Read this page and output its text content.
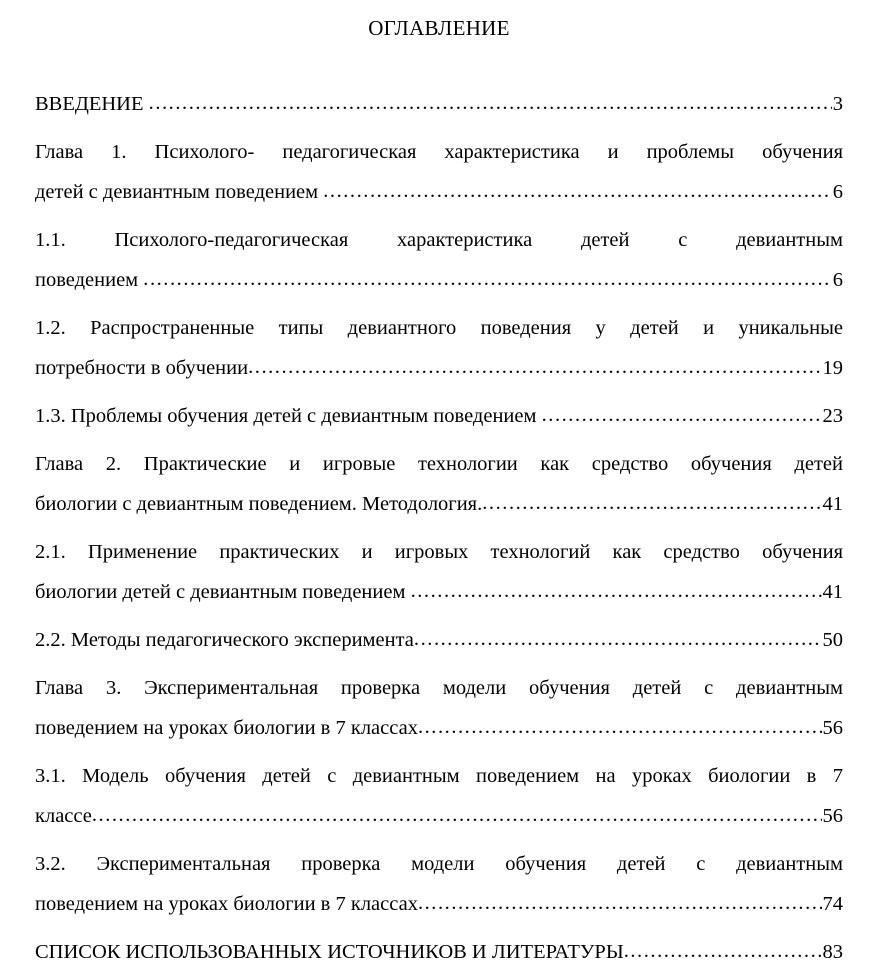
ОГЛАВЛЕНИЕ
ВВЕДЕНИЕ .....	3
Глава 1. Психолого- педагогическая характеристика и проблемы обучения
детей с девиантным поведением .....	6
1.1. Психолого-педагогическая характеристика детей с девиантным
поведением .....	6
1.2. Распространенные типы девиантного поведения у детей и уникальные
потребности в обучении .....	19
1.3. Проблемы обучения детей с девиантным поведением .....	23
Глава 2. Практические и игровые технологии как средство обучения детей
биологии с девиантным поведением. Методология. .....	41
2.1. Применение практических и игровых технологий как средство обучения
биологии детей с девиантным поведением .....	41
2.2. Методы педагогического эксперимента .....	50
Глава 3. Экспериментальная проверка модели обучения детей с девиантным
поведением на уроках биологии в 7 классах .....	56
3.1. Модель обучения детей с девиантным поведением на уроках биологии в 7
классе .....	56
3.2. Экспериментальная проверка модели обучения детей с девиантным
поведением на уроках биологии в 7 классах .....	74
СПИСОК ИСПОЛЬЗОВАННЫХ ИСТОЧНИКОВ И ЛИТЕРАТУРЫ .....	83
